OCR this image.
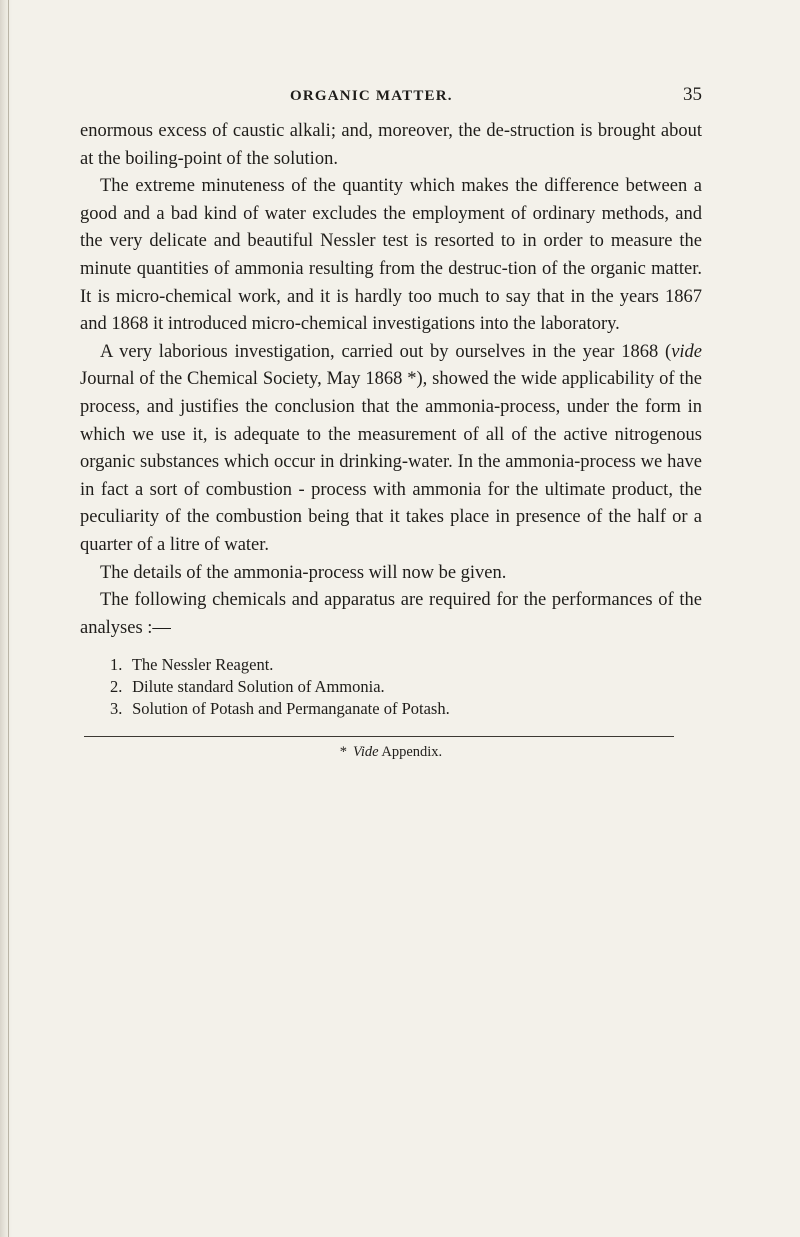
ORGANIC MATTER.	35

enormous excess of caustic alkali; and, moreover, the de-struction is brought about at the boiling-point of the solution.

The extreme minuteness of the quantity which makes the difference between a good and a bad kind of water excludes the employment of ordinary methods, and the very delicate and beautiful Nessler test is resorted to in order to measure the minute quantities of ammonia resulting from the destruc-tion of the organic matter. It is micro-chemical work, and it is hardly too much to say that in the years 1867 and 1868 it introduced micro-chemical investigations into the laboratory.

A very laborious investigation, carried out by ourselves in the year 1868 (vide Journal of the Chemical Society, May 1868 *), showed the wide applicability of the process, and justifies the conclusion that the ammonia-process, under the form in which we use it, is adequate to the measurement of all of the active nitrogenous organic substances which occur in drinking-water. In the ammonia-process we have in fact a sort of combustion - process with ammonia for the ultimate product, the peculiarity of the combustion being that it takes place in presence of the half or a quarter of a litre of water.

The details of the ammonia-process will now be given.

The following chemicals and apparatus are required for the performances of the analyses :—

1. The Nessler Reagent.
2. Dilute standard Solution of Ammonia.
3. Solution of Potash and Permanganate of Potash.
* Vide Appendix.
